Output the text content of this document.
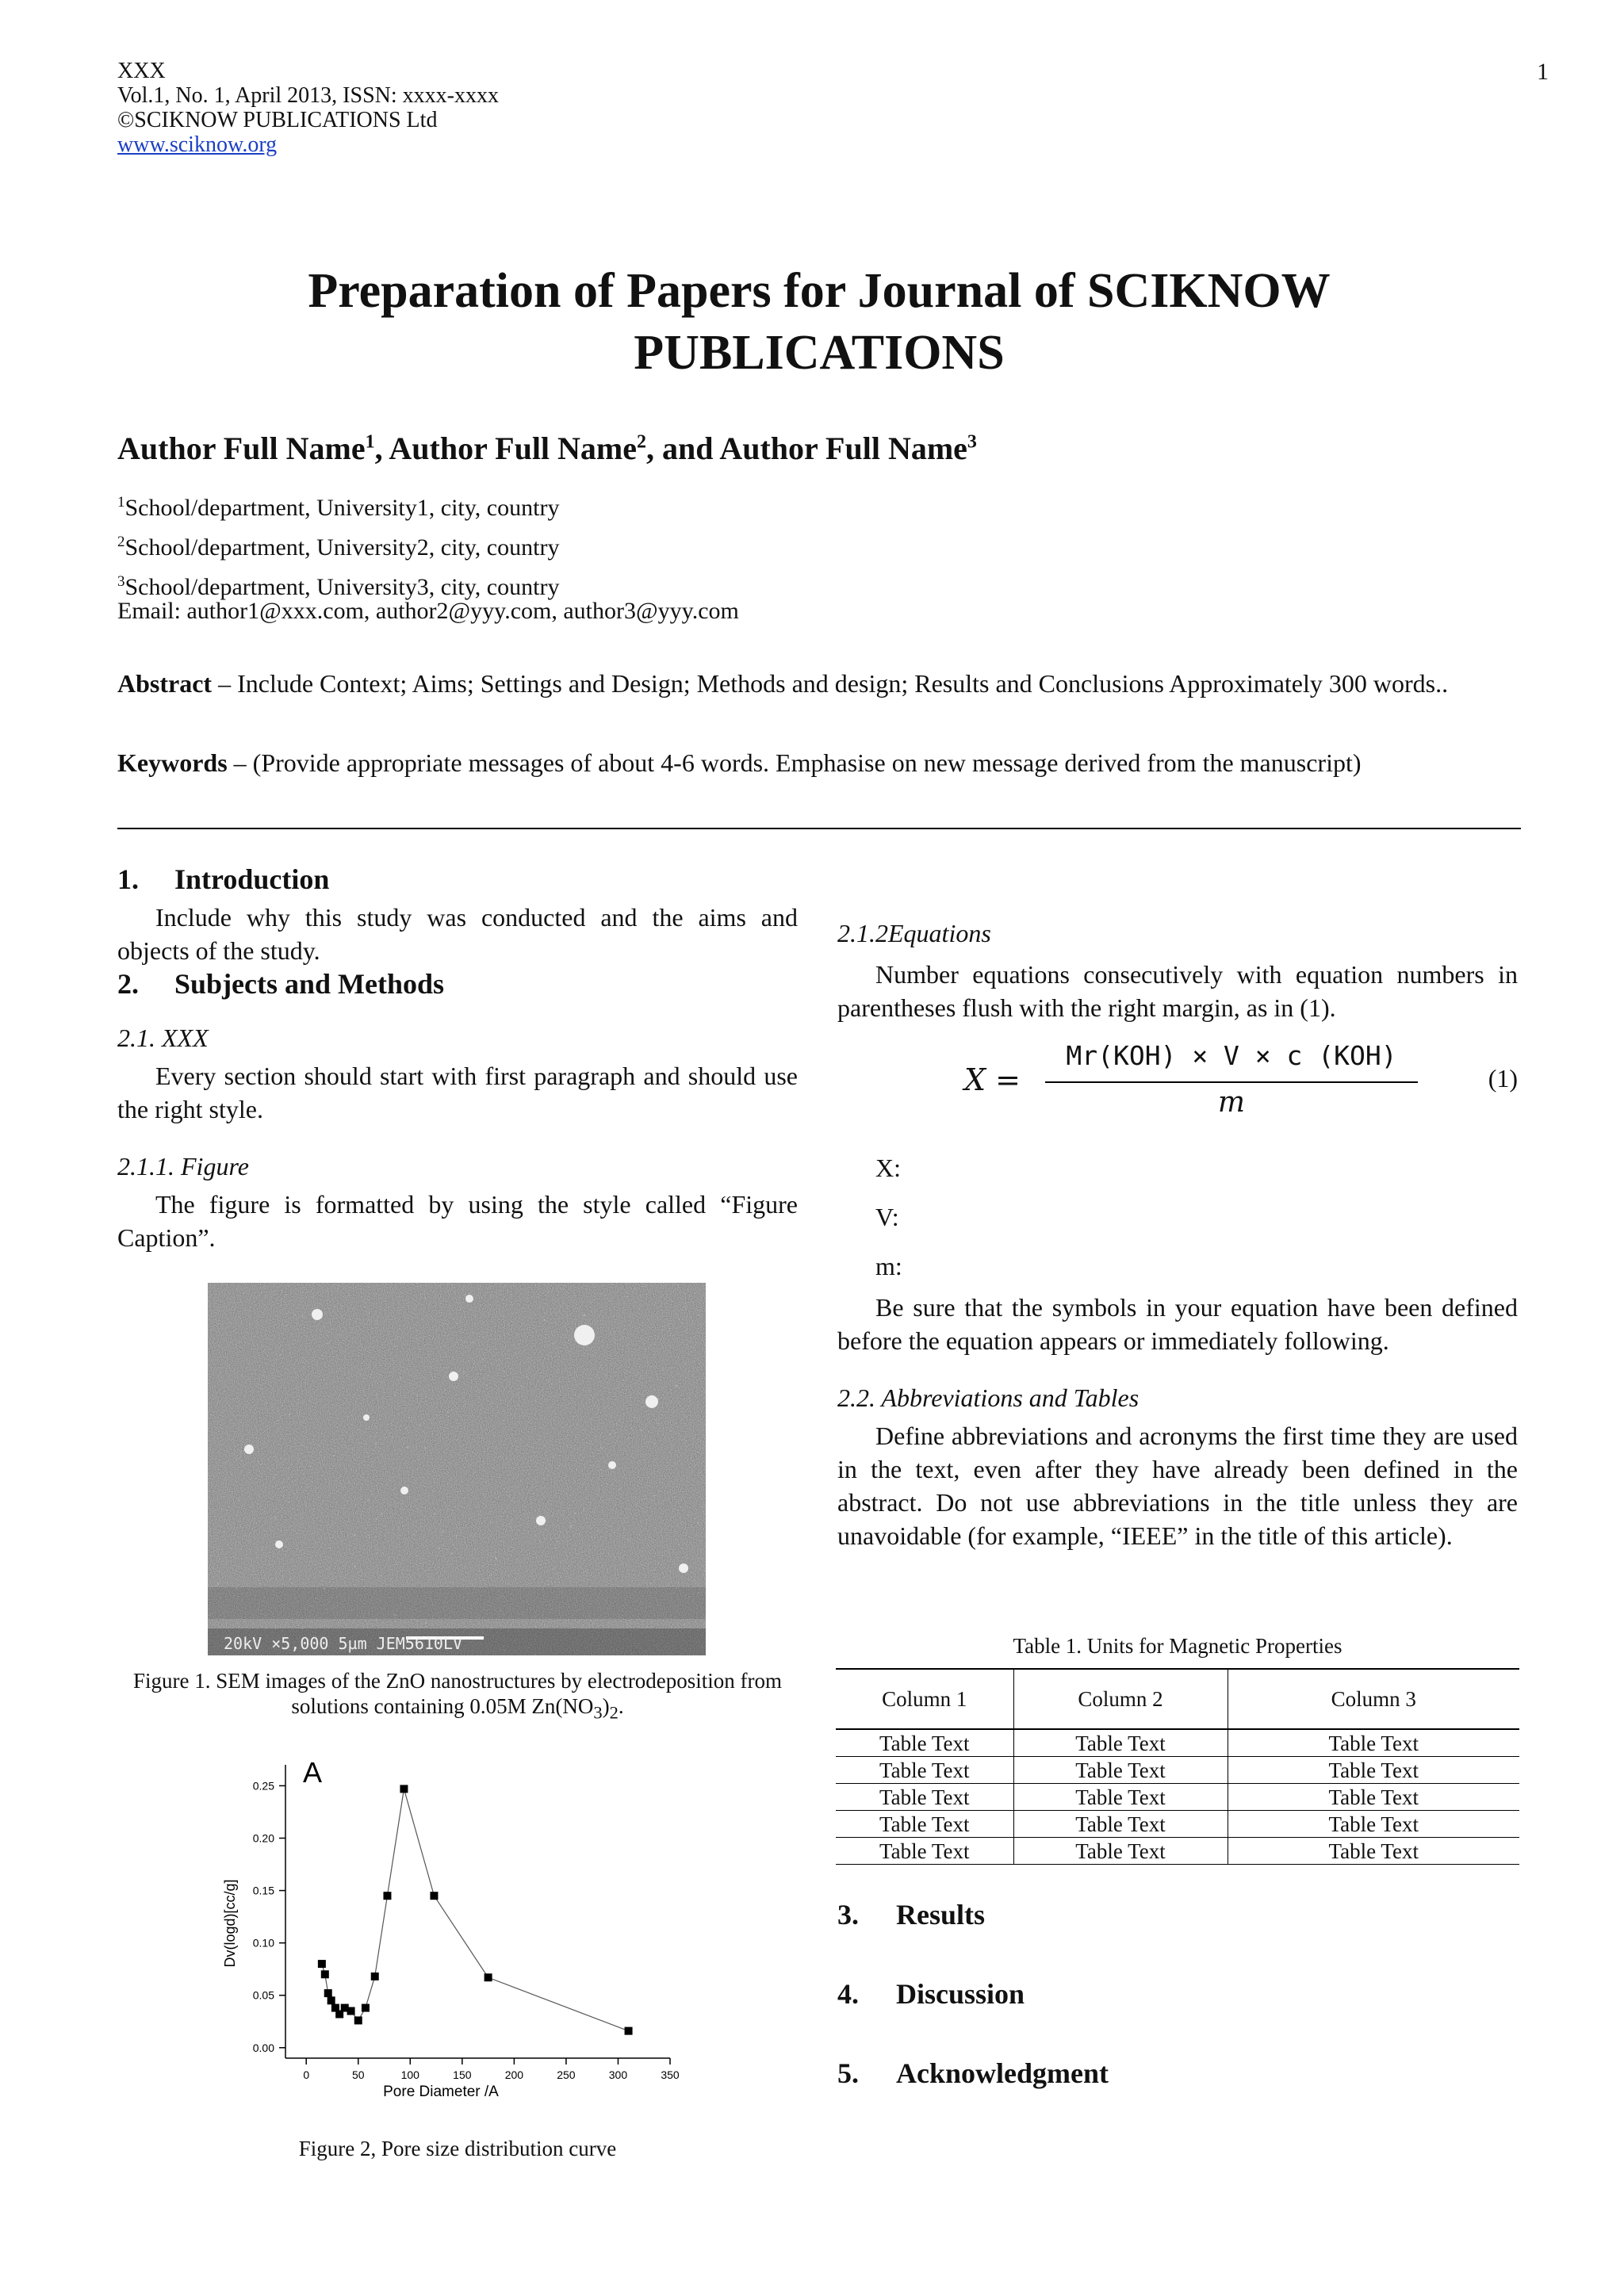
XXX
Vol.1, No. 1, April 2013, ISSN: xxxx-xxxx
©SCIKNOW PUBLICATIONS Ltd
www.sciknow.org
1
Preparation of Papers for Journal of SCIKNOW
PUBLICATIONS
Author Full Name$^1$, Author Full Name$^2$, and Author Full Name$^3$
$^1$School/department, University1, city, country
$^2$School/department, University2, city, country
$^3$School/department, University3, city, country
Email: author1@xxx.com, author2@yyy.com, author3@yyy.com
Abstract – Include Context; Aims; Settings and Design; Methods and design; Results and Conclusions Approximately 300 words..
Keywords – (Provide appropriate messages of about 4-6 words. Emphasise on new message derived from the manuscript)
1. Introduction
Include why this study was conducted and the aims and objects of the study.
2. Subjects and Methods
2.1. XXX
Every section should start with first paragraph and should use the right style.
2.1.1. Figure
The figure is formatted by using the style called “Figure Caption”.
20kV ×5,000 5µm JEM5610LV
Figure 1. SEM images of the ZnO nanostructures by electrodeposition from
solutions containing 0.05M $Zn(NO_3)_2$.
0.00
0.05
0.10
0.15
0.20
0.25
0	50	100	150	200	250	300	350
A
Pore Diameter /A
Dv(logd)[cc/g]
Figure 2, Pore size distribution curve
2.1.2Equations
Number equations consecutively with equation numbers in parentheses flush with the right margin, as in (1).
X =
Mr(KOH) × V × c (KOH)
m
(1)
X:
V:
m:
Be sure that the symbols in your equation have been defined before the equation appears or immediately following.
2.2. Abbreviations and Tables
Define abbreviations and acronyms the first time they are used in the text, even after they have already been defined in the abstract. Do not use abbreviations in the title unless they are unavoidable (for example, “IEEE” in the title of this article).
Table 1. Units for Magnetic Properties
Column 1	Column 2	Column 3
Table Text	Table Text	Table Text
Table Text	Table Text	Table Text
Table Text	Table Text	Table Text
Table Text	Table Text	Table Text
Table Text	Table Text	Table Text
3. Results
4. Discussion
5. Acknowledgment
